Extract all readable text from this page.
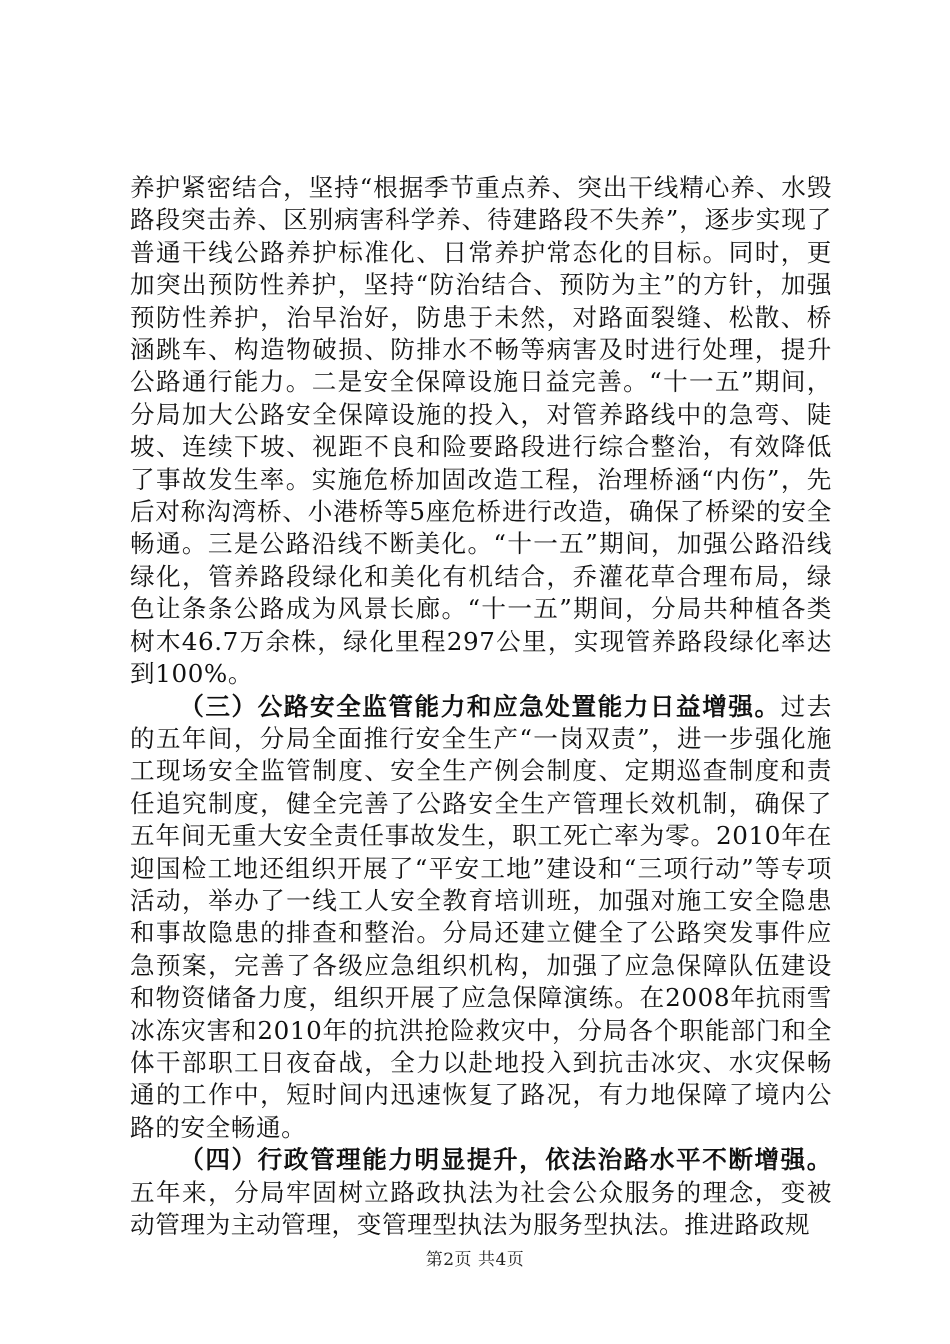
养护紧密结合，坚持“根据季节重点养、突出干线精心养、水毁路段突击养、区别病害科学养、待建路段不失养”，逐步实现了普通干线公路养护标准化、日常养护常态化的目标。同时，更加突出预防性养护，坚持“防治结合、预防为主”的方针，加强预防性养护，治早治好，防患于未然，对路面裂缝、松散、桥涵跳车、构造物破损、防排水不畅等病害及时进行处理，提升公路通行能力。二是安全保障设施日益完善。“十一五”期间，分局加大公路安全保障设施的投入，对管养路线中的急弯、陡坡、连续下坡、视距不良和险要路段进行综合整治，有效降低了事故发生率。实施危桥加固改造工程，治理桥涵“内伤”，先后对称沟湾桥、小港桥等5座危桥进行改造，确保了桥梁的安全畅通。三是公路沿线不断美化。“十一五”期间，加强公路沿线绿化，管养路段绿化和美化有机结合，乔灌花草合理布局，绿色让条条公路成为风景长廊。“十一五”期间，分局共种植各类树木46.7万余株，绿化里程297公里，实现管养路段绿化率达到100%。

（三）公路安全监管能力和应急处置能力日益增强。过去的五年间，分局全面推行安全生产“一岗双责”，进一步强化施工现场安全监管制度、安全生产例会制度、定期巡查制度和责任追究制度，健全完善了公路安全生产管理长效机制，确保了五年间无重大安全责任事故发生，职工死亡率为零。2010年在迎国检工地还组织开展了“平安工地”建设和“三项行动”等专项活动，举办了一线工人安全教育培训班，加强对施工安全隐患和事故隐患的排查和整治。分局还建立健全了公路突发事件应急预案，完善了各级应急组织机构，加强了应急保障队伍建设和物资储备力度，组织开展了应急保障演练。在2008年抗雨雪冰冻灾害和2010年的抗洪抢险救灾中，分局各个职能部门和全体干部职工日夜奋战，全力以赴地投入到抗击冰灾、水灾保畅通的工作中，短时间内迅速恢复了路况，有力地保障了境内公路的安全畅通。

（四）行政管理能力明显提升，依法治路水平不断增强。五年来，分局牢固树立路政执法为社会公众服务的理念，变被动管理为主动管理，变管理型执法为服务型执法。推进路政规

第2页 共4页
